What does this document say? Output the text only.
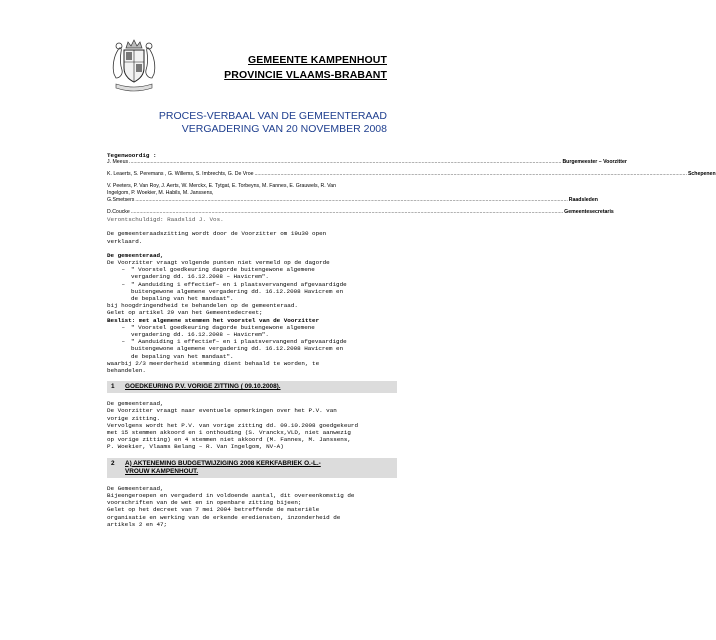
GEMEENTE KAMPENHOUT
PROVINCIE VLAAMS-BRABANT
PROCES-VERBAAL VAN DE GEMEENTERAAD
VERGADERING VAN 20 NOVEMBER 2008

Tegenwoordig :

J. Meeus ............................................................................................................................................................................................................................................................................................................ Burgemeester – Voorzitter
K. Leaerts, S. Peremans , G. Willems, S. Imbrechts, G. De Vroe ............................................................................................................................................................................................................................................................................................................ Schepenen
V. Peeters, P. Van Roy, J. Aerts, W. Merckx, E. Tytgat, E. Torbeyns, M. Fannes, E. Grauwels, R. Van
Ingelgom, P. Woekier, M. Habils, M. Janssens,
G.Smetsers ............................................................................................................................................................................................................................................................................................................ Raadsleden
D.Coucke ............................................................................................................................................................................................................................................................................................................ Gemeentesecretaris

Verontschuldigd: Raadslid J. Vos.

De gemeenteraadszitting wordt door de Voorzitter om 19u30 open
verklaard.

De gemeenteraad,

De Voorzitter vraagt volgende punten niet vermeld op de dagorde

–	" Voorstel goedkeuring dagorde buitengewone algemene
vergadering dd. 16.12.2008 – Havicrem".

–	" Aanduiding 1 effectief– en 1 plaatsvervangend afgevaardigde
buitengewone algemene vergadering dd. 16.12.2008 Havicrem en
de bepaling van het mandaat".

bij hoogdringendheid te behandelen op de gemeenteraad.

Gelet op artikel 29 van het Gemeentedecreet;

Beslist: met algemene stemmen het voorstel van de Voorzitter

–	" Voorstel goedkeuring dagorde buitengewone algemene
vergadering dd. 16.12.2008 – Havicrem".

–	" Aanduiding 1 effectief– en 1 plaatsvervangend afgevaardigde
buitengewone algemene vergadering dd. 16.12.2008 Havicrem en
de bepaling van het mandaat".

waarbij 2/3 meerderheid stemming dient behaald te worden, te
behandelen.

1	GOEDKEURING P.V. VORIGE ZITTING ( 09.10.2008).

De gemeenteraad,

De Voorzitter vraagt naar eventuele opmerkingen over het P.V. van
vorige zitting.
Vervolgens wordt het P.V. van vorige zitting dd. 09.10.2008 goedgekeurd
met 15 stemmen akkoord en 1 onthouding (S. Vranckx,VLD, niet aanwezig
op vorige zitting) en 4 stemmen niet akkoord (M. Fannes, M. Janssens,
P. Woekier, Vlaams Belang – R. Van Ingelgom, NV-A)

2	A) AKTENEMING BUDGETWIJZIGING 2008 KERKFABRIEK O.-L.-
VROUW KAMPENHOUT.

De Gemeenteraad,

Bijeengeroepen en vergaderd in voldoende aantal, dit overeenkomstig de
voorschriften van de wet en in openbare zitting bijeen;
Gelet op het decreet van 7 mei 2004 betreffende de materiële
organisatie en werking van de erkende erediensten, inzonderheid de
artikels 2 en 47;
